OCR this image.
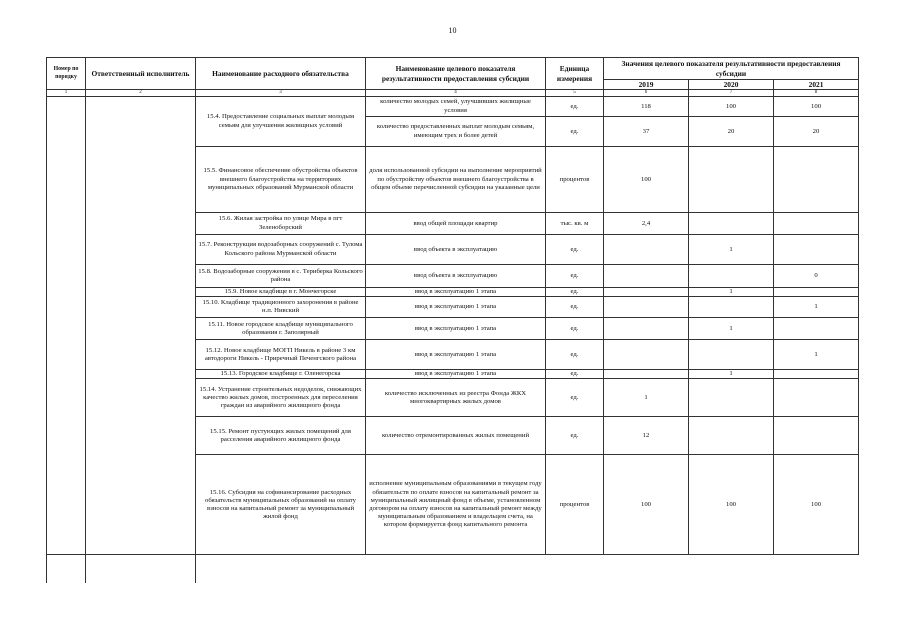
10
Номер по порядку	Ответственный исполнитель	Наименование расходного обязательства	Наименование целевого показателя результативности предоставления субсидии	Единица измерения	Значения целевого показателя результативности предоставления субсидии		
					2019	2020	2021
1	2	3	4	5	6	7	8
		15.4. Предоставление социальных выплат молодым семьям для улучшения жилищных условий	количество молодых семей, улучшивших жилищные условия	ед.	118	100	100
			количество предоставленных выплат молодым семьям, имеющим трех и более детей	ед.	37	20	20
		15.5. Финансовое обеспечение обустройства объектов внешнего благоустройства на территориях муниципальных образований Мурманской области	доля использованной субсидии на выполнение мероприятий по обустройству объектов внешнего благоустройства в общем объеме перечисленной субсидии на указанные цели	процентов	100		
		15.6. Жилая застройка по улице Мира в пгт Зеленоборский	ввод общей площади квартир	тыс. кв. м	2,4		
		15.7. Реконструкция водозаборных сооружений с. Тулома Кольского района Мурманской области	ввод объекта в эксплуатацию	ед.		1	
		15.8. Водозаборные сооружения в с. Териберка Кольского района	ввод объекта в эксплуатацию	ед.			0
		15.9. Новое кладбище в г. Мончегорске	ввод в эксплуатацию 1 этапа	ед.		1	
		15.10. Кладбище традиционного захоронения в районе н.п. Нивский	ввод в эксплуатацию 1 этапа	ед.			1
		15.11. Новое городское кладбище муниципального образования г. Заполярный	ввод в эксплуатацию 1 этапа	ед.		1	
		15.12. Новое кладбище МОГП Никель в районе 3 км автодороги Никель - Приречный Печенгского района	ввод в эксплуатацию 1 этапа	ед.			1
		15.13. Городское кладбище г. Оленегорска	ввод в эксплуатацию 1 этапа	ед.		1	
		15.14. Устранение строительных недоделок, снижающих качество жилых домов, построенных для переселения граждан из аварийного жилищного фонда	количество исключенных из реестра Фонда ЖКХ многоквартирных жилых домов	ед.	1		
		15.15. Ремонт пустующих жилых помещений для расселения аварийного жилищного фонда	количество отремонтированных жилых помещений	ед.	12		
		15.16. Субсидия на софинансирование расходных обязательств муниципальных образований на оплату взносов на капитальный ремонт за муниципальный жилой фонд	исполнение муниципальным образованиями в текущем году обязательств по оплате взносов на капитальный ремонт за муниципальный жилищный фонд в объеме, установленном договором на оплату взносов на капитальный ремонт между муниципальным образованием и владельцем счета, на котором формируется фонд капитального ремонта	процентов	100	100	100
